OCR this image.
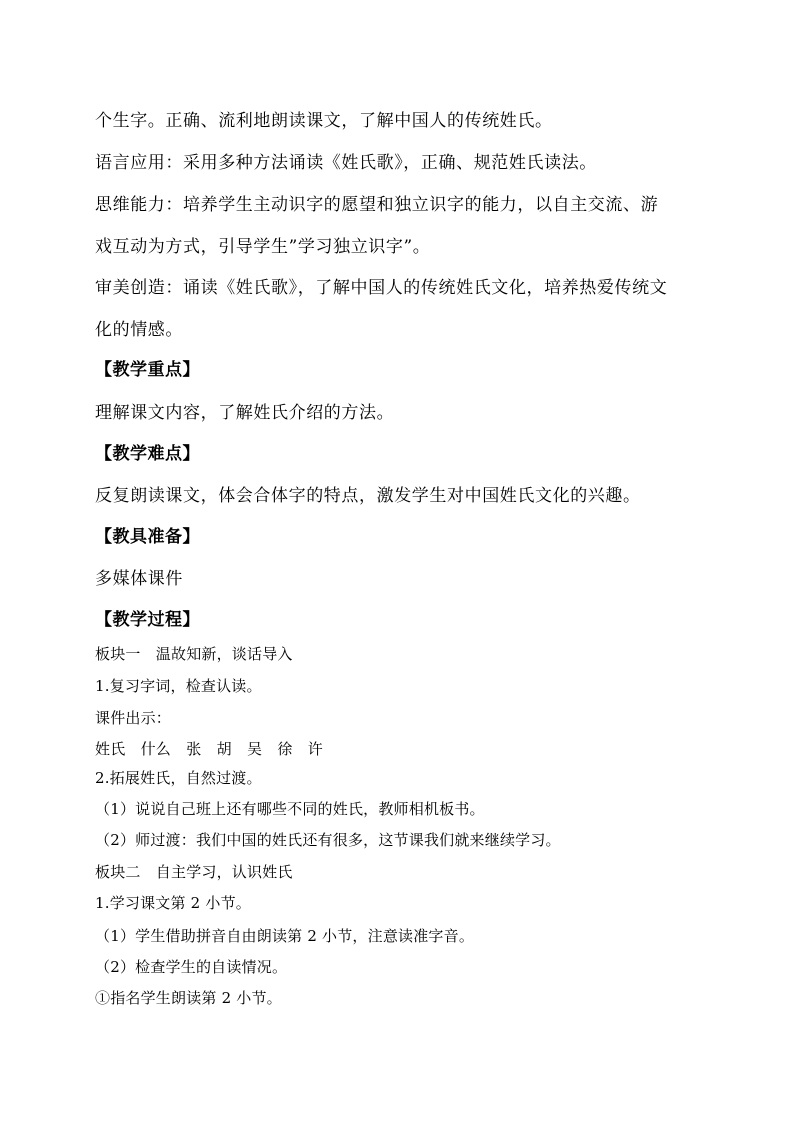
个生字。正确、流利地朗读课文，了解中国人的传统姓氏。
语言应用：采用多种方法诵读《姓氏歌》，正确、规范姓氏读法。
思维能力：培养学生主动识字的愿望和独立识字的能力，以自主交流、游
戏互动为方式，引导学生”学习独立识字”。
审美创造：诵读《姓氏歌》，了解中国人的传统姓氏文化，培养热爱传统文
化的情感。
【教学重点】
理解课文内容，了解姓氏介绍的方法。
【教学难点】
反复朗读课文，体会合体字的特点，激发学生对中国姓氏文化的兴趣。
【教具准备】
多媒体课件
【教学过程】
板块一　温故知新，谈话导入
1.复习字词，检查认读。
课件出示：
姓氏　什么　张　胡　吴　徐　许
2.拓展姓氏，自然过渡。
（1）说说自己班上还有哪些不同的姓氏，教师相机板书。
（2）师过渡：我们中国的姓氏还有很多，这节课我们就来继续学习。
板块二　自主学习，认识姓氏
1.学习课文第 2 小节。
（1）学生借助拼音自由朗读第 2 小节，注意读准字音。
（2）检查学生的自读情况。
①指名学生朗读第 2 小节。
